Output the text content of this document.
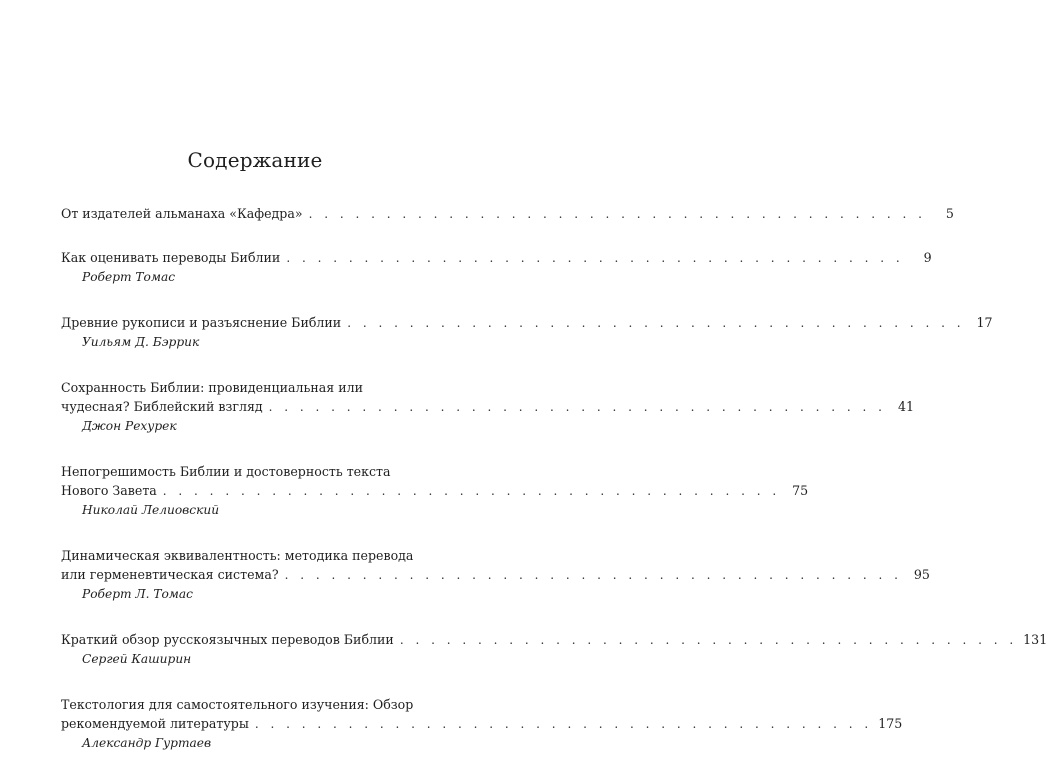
Содержание
От издателей альманаха «Кафедра» . . . . . . . . . . . . . . . . . . . . . . . . . . . . . . . . . . . . . . . .	5
Как оценивать переводы Библии . . . . . . . . . . . . . . . . . . . . . . . . . . . . . . . . . . . . . . . .	9
Роберт Томас
Древние рукописи и разъяснение Библии . . . . . . . . . . . . . . . . . . . . . . . . . . . . . . . . . . . . . . . . 17
Уильям Д. Бэррик
Сохранность Библии: провиденциальная или
чудесная? Библейский взгляд . . . . . . . . . . . . . . . . . . . . . . . . . . . . . . . . . . . . . . . . 41
Джон Рехурек
Непогрешимость Библии и достоверность текста
Нового Завета . . . . . . . . . . . . . . . . . . . . . . . . . . . . . . . . . . . . . . . . 75
Николай Лелиовский
Динамическая эквивалентность: методика перевода
или герменевтическая система? . . . . . . . . . . . . . . . . . . . . . . . . . . . . . . . . . . . . . . . . 95
Роберт Л. Томас
Краткий обзор русскоязычных переводов Библии . . . . . . . . . . . . . . . . . . . . . . . . . . . . . . . . . . . . . . . . 131
Сергей Каширин
Текстология для самостоятельного изучения: Обзор
рекомендуемой литературы . . . . . . . . . . . . . . . . . . . . . . . . . . . . . . . . . . . . . . . . 175
Александр Гуртаев
